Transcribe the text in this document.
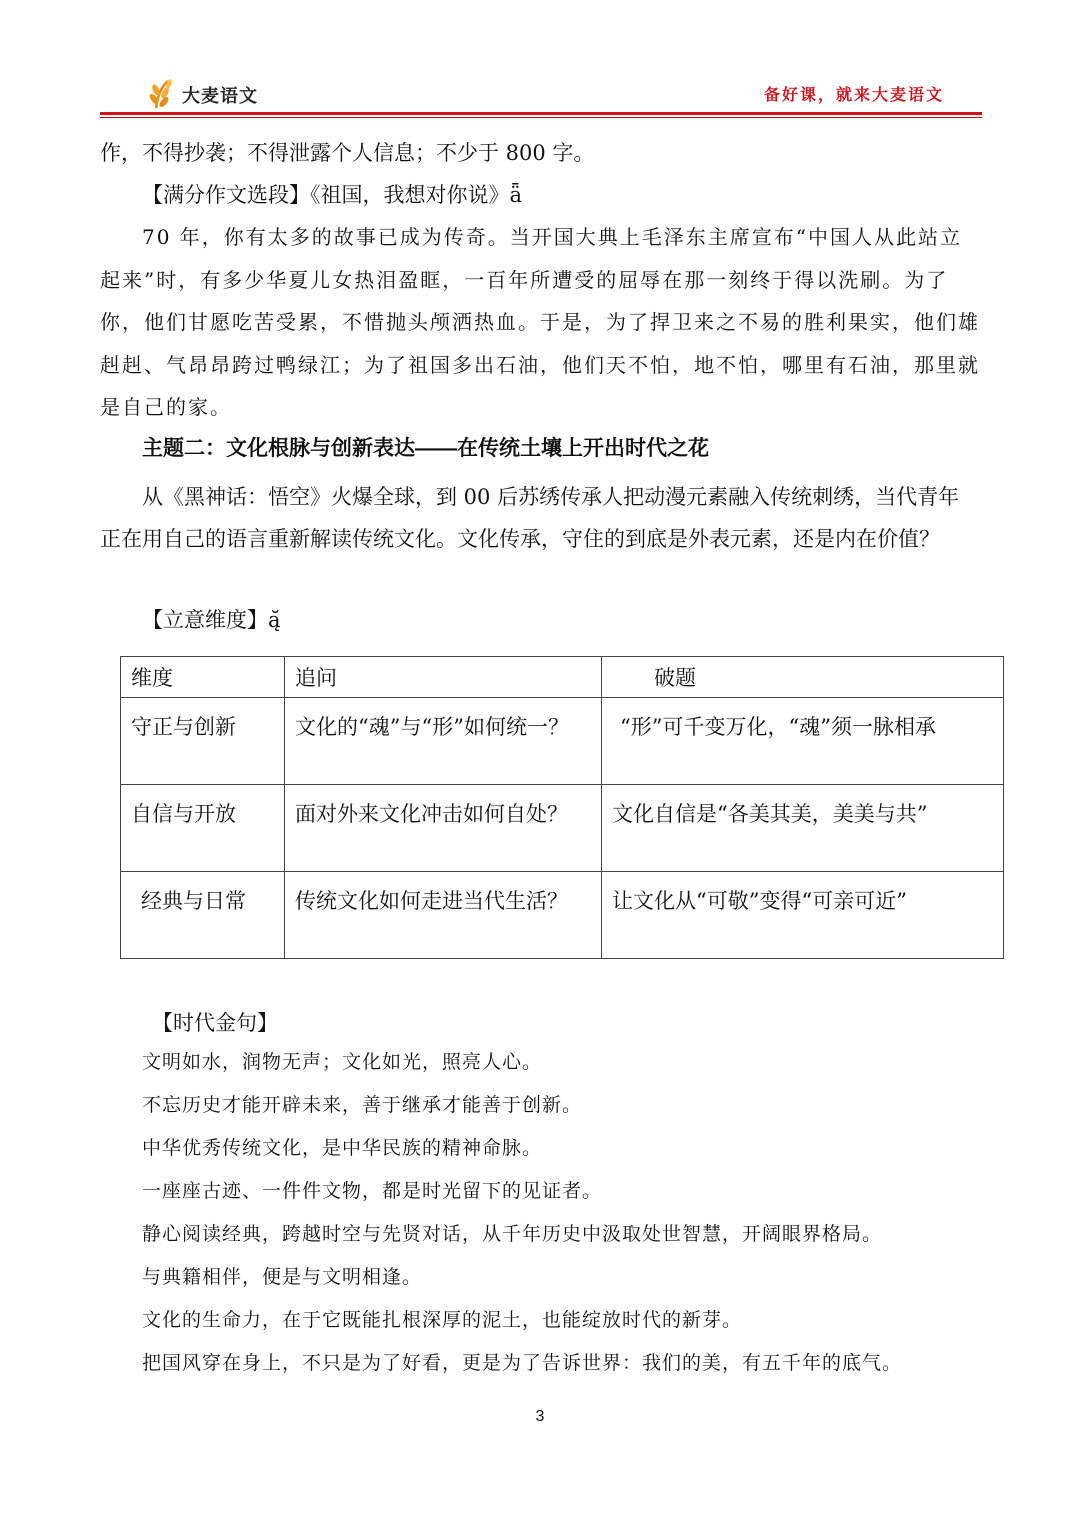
大麦语文	备好课，就来大麦语文
作，不得抄袭；不得泄露个人信息；不少于 800 字。
【满分作文选段】《祖国，我想对你说》ǟ
70 年，你有太多的故事已成为传奇。当开国大典上毛泽东主席宣布“中国人从此站立起来”时，有多少华夏儿女热泪盈眶，一百年所遭受的屈辱在那一刻终于得以洗刷。为了你，他们甘愿吃苦受累，不惜抛头颅洒热血。于是，为了捍卫来之不易的胜利果实，他们雄赳赳、气昂昂跨过鸭绿江；为了祖国多出石油，他们天不怕，地不怕，哪里有石油，那里就是自己的家。
主题二：文化根脉与创新表达——在传统土壤上开出时代之花
从《黑神话：悟空》火爆全球，到 00 后苏绣传承人把动漫元素融入传统刺绣，当代青年正在用自己的语言重新解读传统文化。文化传承，守住的到底是外表元素，还是内在价值？
【立意维度】ą̆
维度	追问	破题
守正与创新	文化的“魂”与“形”如何统一？	“形”可千变万化，“魂”须一脉相承
自信与开放	面对外来文化冲击如何自处？	文化自信是“各美其美，美美与共”
经典与日常	传统文化如何走进当代生活？	让文化从“可敬”变得“可亲可近”
【时代金句】
文明如水，润物无声；文化如光，照亮人心。
不忘历史才能开辟未来，善于继承才能善于创新。
中华优秀传统文化，是中华民族的精神命脉。
一座座古迹、一件件文物，都是时光留下的见证者。
静心阅读经典，跨越时空与先贤对话，从千年历史中汲取处世智慧，开阔眼界格局。
与典籍相伴，便是与文明相逢。
文化的生命力，在于它既能扎根深厚的泥土，也能绽放时代的新芽。
把国风穿在身上，不只是为了好看，更是为了告诉世界：我们的美，有五千年的底气。
3
